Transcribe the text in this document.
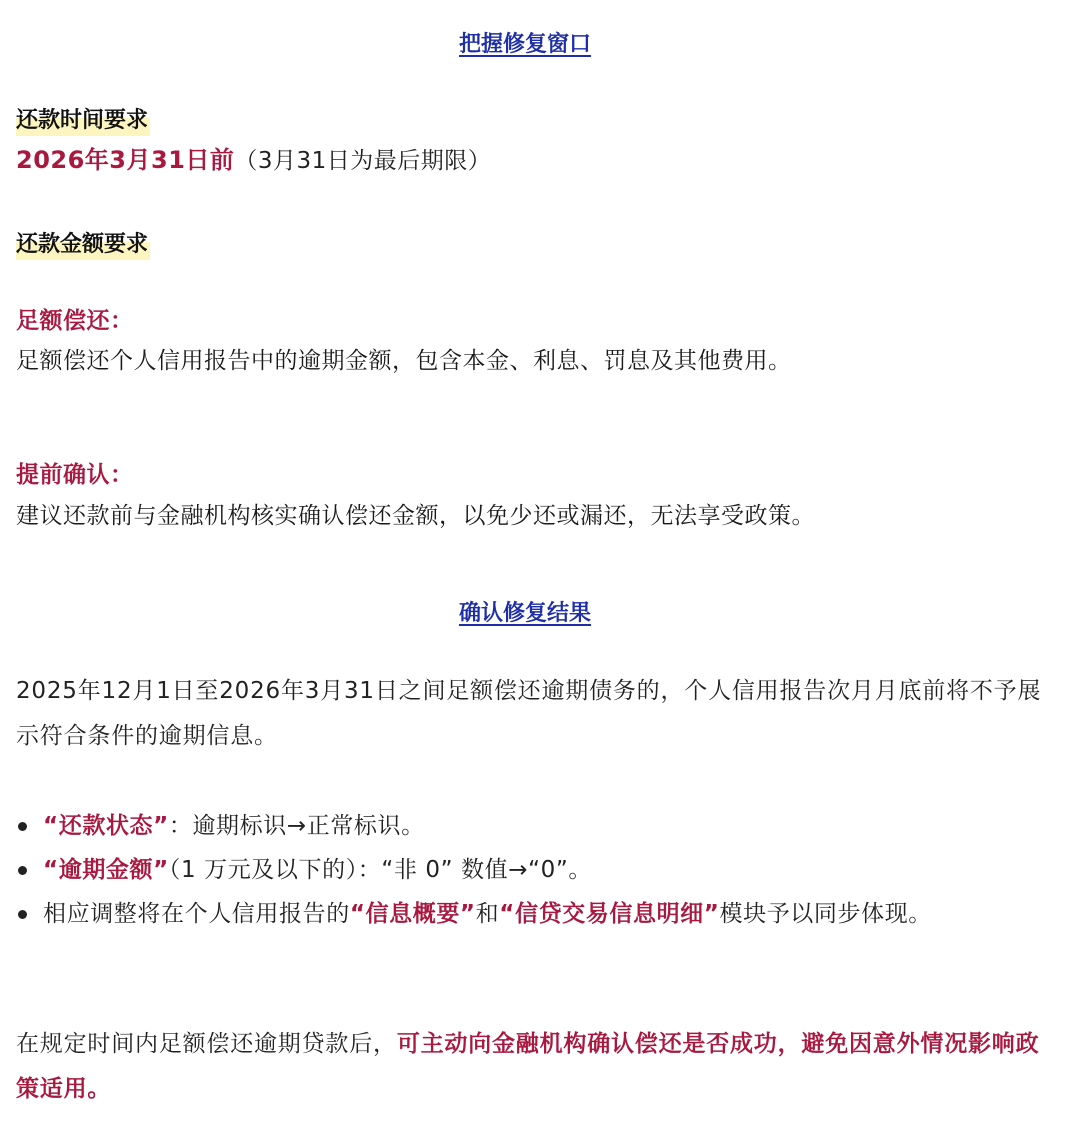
把握修复窗口
还款时间要求
2026年3月31日前（3月31日为最后期限）
还款金额要求
足额偿还：
足额偿还个人信用报告中的逾期金额，包含本金、利息、罚息及其他费用。
提前确认：
建议还款前与金融机构核实确认偿还金额，以免少还或漏还，无法享受政策。
确认修复结果
2025年12月1日至2026年3月31日之间足额偿还逾期债务的，个人信用报告次月月底前将不予展示符合条件的逾期信息。
“还款状态”：逾期标识→正常标识。
“逾期金额”（1 万元及以下的）：“非 0” 数值→“0”。
相应调整将在个人信用报告的“信息概要”和“信贷交易信息明细”模块予以同步体现。
在规定时间内足额偿还逾期贷款后，可主动向金融机构确认偿还是否成功，避免因意外情况影响政策适用。
